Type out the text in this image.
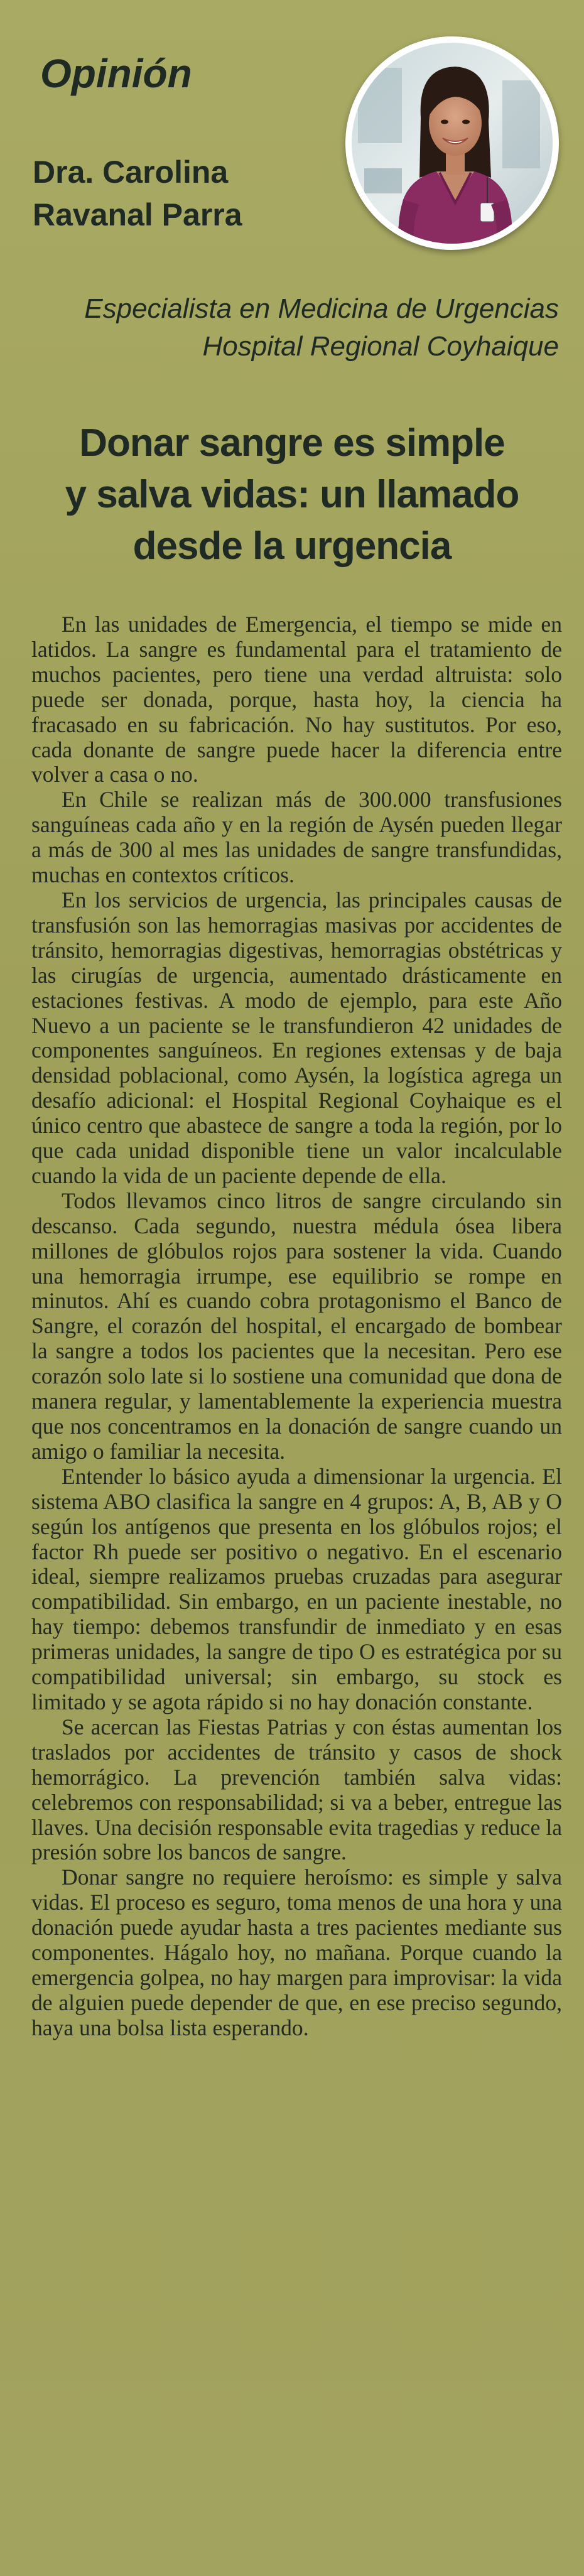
Opinión
Dra. Carolina
Ravanal Parra
Especialista en Medicina de Urgencias
Hospital Regional Coyhaique
Donar sangre es simple
y salva vidas: un llamado
desde la urgencia

En las unidades de Emergencia, el tiempo se mide en latidos. La sangre es fundamental para el tratamiento de muchos pacientes, pero tiene una verdad altruista: solo puede ser donada, porque, hasta hoy, la ciencia ha fracasado en su fabricación. No hay sustitutos. Por eso, cada donante de sangre puede hacer la diferencia entre volver a casa o no.

En Chile se realizan más de 300.000 transfusiones sanguíneas cada año y en la región de Aysén pueden llegar a más de 300 al mes las unidades de sangre transfundidas, muchas en contextos críticos.

En los servicios de urgencia, las principales causas de transfusión son las hemorragias masivas por accidentes de tránsito, hemorragias digestivas, hemorragias obstétricas y las cirugías de urgencia, aumentado drásticamente en estaciones festivas. A modo de ejemplo, para este Año Nuevo a un paciente se le transfundieron 42 unidades de componentes sanguíneos. En regiones extensas y de baja densidad poblacional, como Aysén, la logística agrega un desafío adicional: el Hospital Regional Coyhaique es el único centro que abastece de sangre a toda la región, por lo que cada unidad disponible tiene un valor incalculable cuando la vida de un paciente depende de ella.

Todos llevamos cinco litros de sangre circulando sin descanso. Cada segundo, nuestra médula ósea libera millones de glóbulos rojos para sostener la vida. Cuando una hemorragia irrumpe, ese equilibrio se rompe en minutos. Ahí es cuando cobra protagonismo el Banco de Sangre, el corazón del hospital, el encargado de bombear la sangre a todos los pacientes que la necesitan. Pero ese corazón solo late si lo sostiene una comunidad que dona de manera regular, y lamentablemente la experiencia muestra que nos concentramos en la donación de sangre cuando un amigo o familiar la necesita.

Entender lo básico ayuda a dimensionar la urgencia. El sistema ABO clasifica la sangre en 4 grupos: A, B, AB y O según los antígenos que presenta en los glóbulos rojos; el factor Rh puede ser positivo o negativo. En el escenario ideal, siempre realizamos pruebas cruzadas para asegurar compatibilidad. Sin embargo, en un paciente inestable, no hay tiempo: debemos transfundir de inmediato y en esas primeras unidades, la sangre de tipo O es estratégica por su compatibilidad universal; sin embargo, su stock es limitado y se agota rápido si no hay donación constante.

Se acercan las Fiestas Patrias y con éstas aumentan los traslados por accidentes de tránsito y casos de shock hemorrágico. La prevención también salva vidas: celebremos con responsabilidad; si va a beber, entregue las llaves. Una decisión responsable evita tragedias y reduce la presión sobre los bancos de sangre.

Donar sangre no requiere heroísmo: es simple y salva vidas. El proceso es seguro, toma menos de una hora y una donación puede ayudar hasta a tres pacientes mediante sus componentes. Hágalo hoy, no mañana. Porque cuando la emergencia golpea, no hay margen para improvisar: la vida de alguien puede depender de que, en ese preciso segundo, haya una bolsa lista esperando.
